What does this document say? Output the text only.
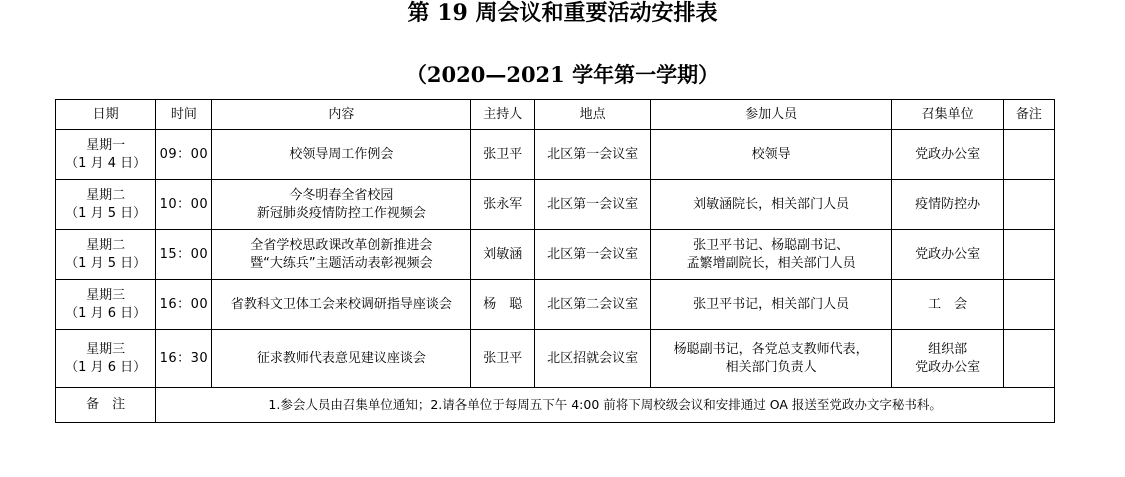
第 19 周会议和重要活动安排表
（2020—2021 学年第一学期）
日期	时间	内容	主持人	地点	参加人员	召集单位	备注

星期一
（1 月 4 日）	09：00	校领导周工作例会	张卫平	北区第一会议室	校领导	党政办公室	

星期二
（1 月 5 日）	10：00	今冬明春全省校园
新冠肺炎疫情防控工作视频会	张永军	北区第一会议室	刘敏涵院长，相关部门人员	疫情防控办	

星期二
（1 月 5 日）	15：00	全省学校思政课改革创新推进会
暨“大练兵”主题活动表彰视频会	刘敏涵	北区第一会议室	张卫平书记、杨聪副书记、
孟繁增副院长，相关部门人员	党政办公室	

星期三
（1 月 6 日）	16：00	省教科文卫体工会来校调研指导座谈会	杨　聪	北区第二会议室	张卫平书记，相关部门人员	工　会	

星期三
（1 月 6 日）	16：30	征求教师代表意见建议座谈会	张卫平	北区招就会议室	杨聪副书记，各党总支教师代表，
相关部门负责人	组织部
党政办公室	

备　注	1.参会人员由召集单位通知；2.请各单位于每周五下午 4:00 前将下周校级会议和安排通过 OA 报送至党政办文字秘书科。						
